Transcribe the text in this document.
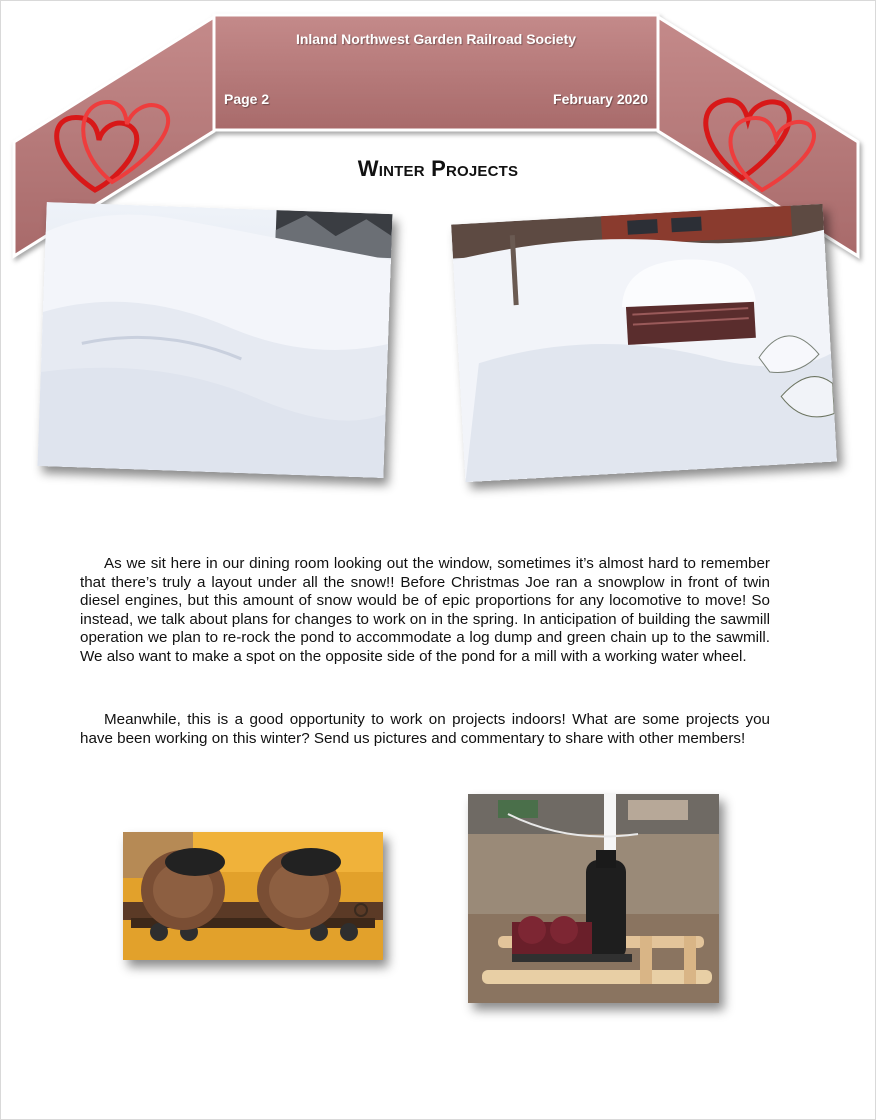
Inland Northwest Garden Railroad Society
Page 2	February 2020
Winter Projects

As we sit here in our dining room looking out the window, sometimes it’s almost hard to remember that there’s truly a layout under all the snow!! Before Christmas Joe ran a snowplow in front of twin diesel engines, but this amount of snow would be of epic proportions for any locomotive to move! So instead, we talk about plans for changes to work on in the spring. In anticipation of building the sawmill operation we plan to re-rock the pond to accommodate a log dump and green chain up to the sawmill. We also want to make a spot on the opposite side of the pond for a mill with a working water wheel.

Meanwhile, this is a good opportunity to work on projects indoors! What are some projects you have been working on this winter? Send us pictures and commentary to share with other members!
